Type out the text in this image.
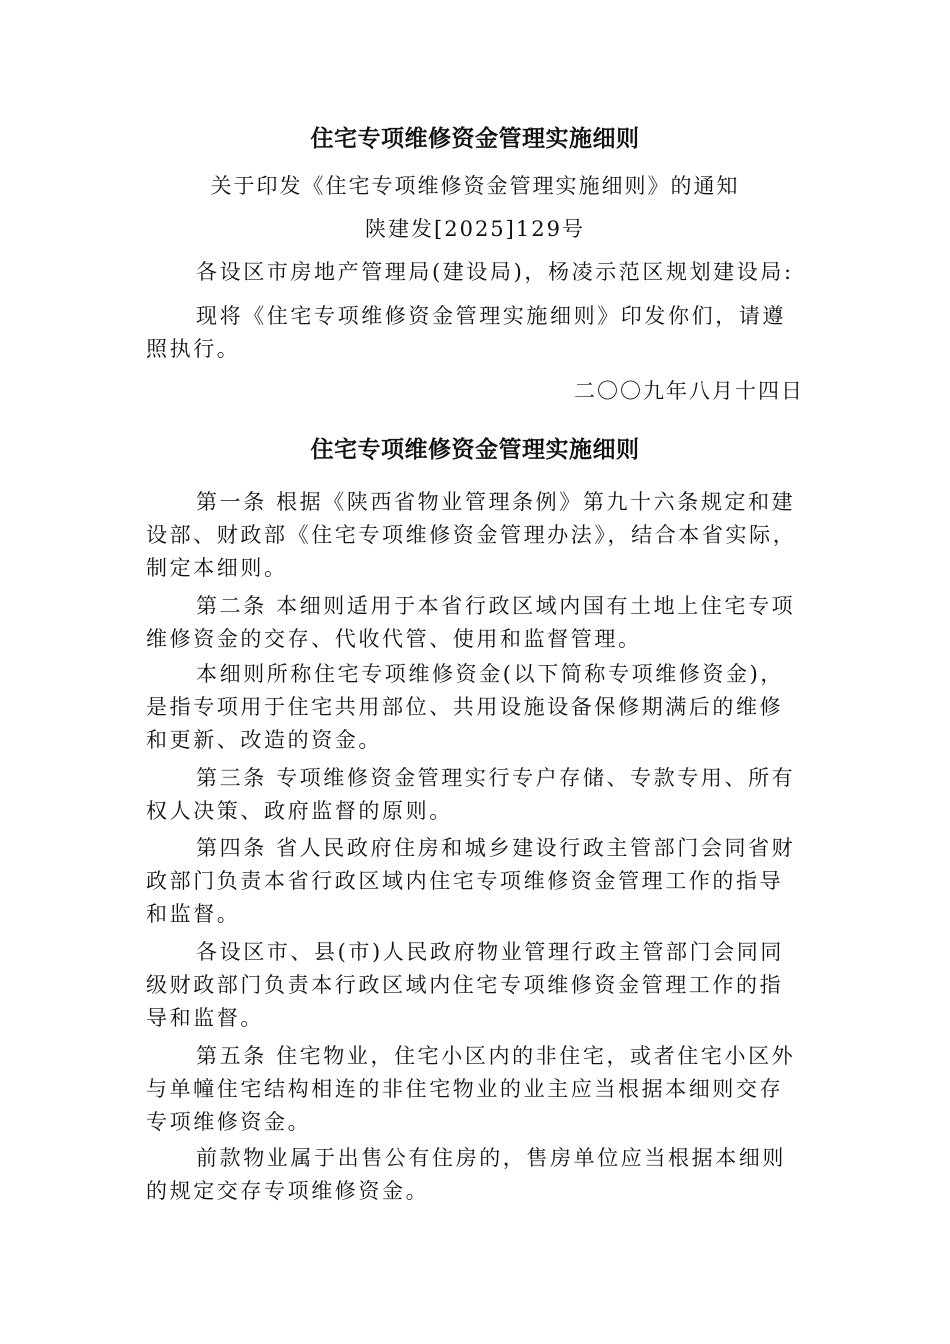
住宅专项维修资金管理实施细则
关于印发《住宅专项维修资金管理实施细则》的通知
陕建发[2025]129号

各设区市房地产管理局(建设局)，杨凌示范区规划建设局:

现将《住宅专项维修资金管理实施细则》印发你们，请遵照执行。

二〇〇九年八月十四日
住宅专项维修资金管理实施细则

第一条 根据《陕西省物业管理条例》第九十六条规定和建设部、财政部《住宅专项维修资金管理办法》，结合本省实际，制定本细则。

第二条 本细则适用于本省行政区域内国有土地上住宅专项维修资金的交存、代收代管、使用和监督管理。

本细则所称住宅专项维修资金(以下简称专项维修资金)，是指专项用于住宅共用部位、共用设施设备保修期满后的维修和更新、改造的资金。

第三条 专项维修资金管理实行专户存储、专款专用、所有权人决策、政府监督的原则。

第四条 省人民政府住房和城乡建设行政主管部门会同省财政部门负责本省行政区域内住宅专项维修资金管理工作的指导和监督。

各设区市、县(市)人民政府物业管理行政主管部门会同同级财政部门负责本行政区域内住宅专项维修资金管理工作的指导和监督。

第五条 住宅物业，住宅小区内的非住宅，或者住宅小区外与单幢住宅结构相连的非住宅物业的业主应当根据本细则交存专项维修资金。

前款物业属于出售公有住房的，售房单位应当根据本细则的规定交存专项维修资金。
